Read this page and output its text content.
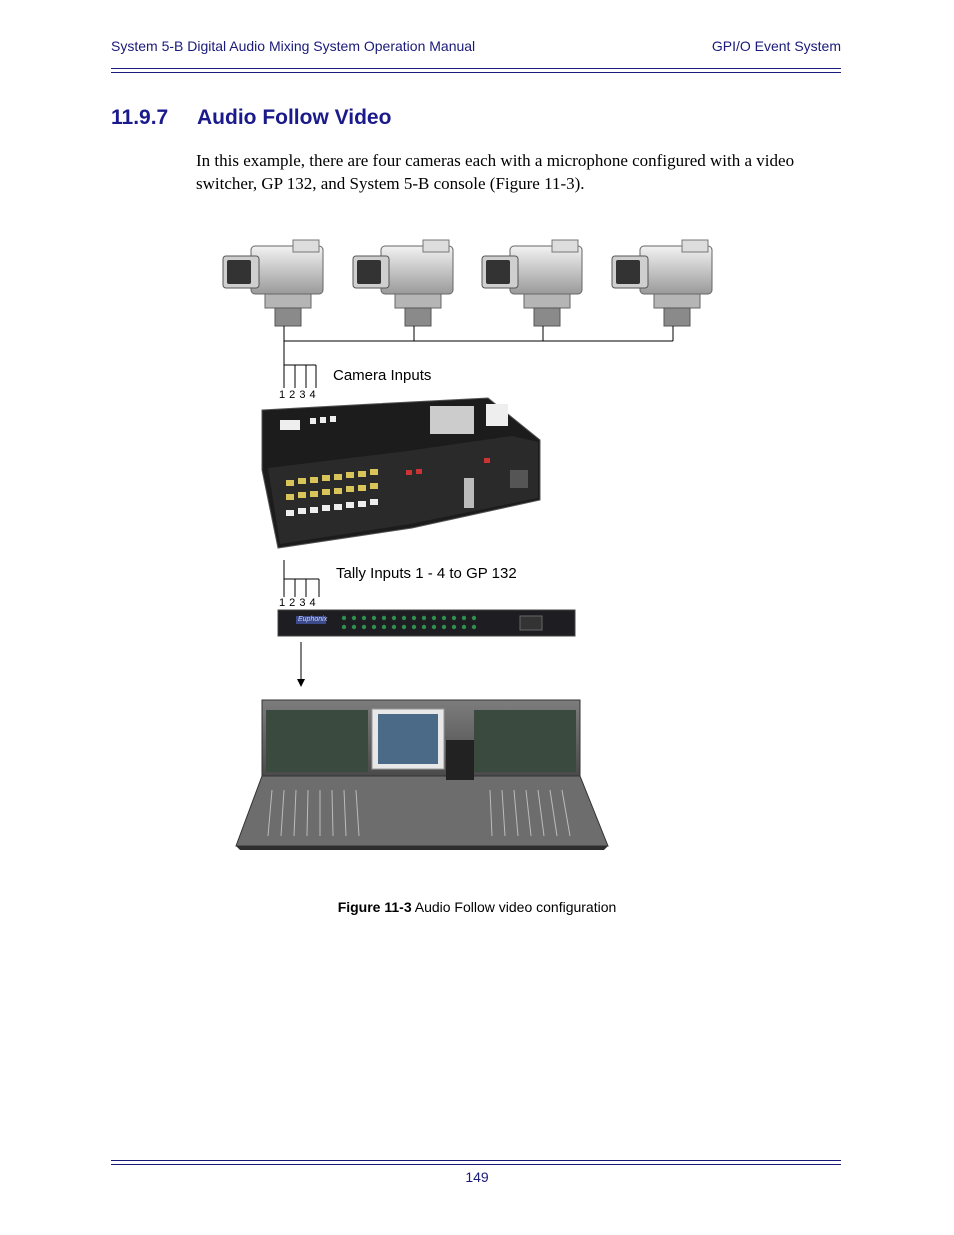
System 5-B Digital Audio Mixing System Operation Manual	GPI/O Event System
11.9.7 Audio Follow Video
In this example, there are four cameras each with a microphone configured with a video switcher, GP 132, and System 5-B console (Figure 11-3).
Camera Inputs
1 2 3 4
Tally Inputs 1 - 4 to GP 132
1 2 3 4
Euphonix
Figure 11-3 Audio Follow video configuration
149
